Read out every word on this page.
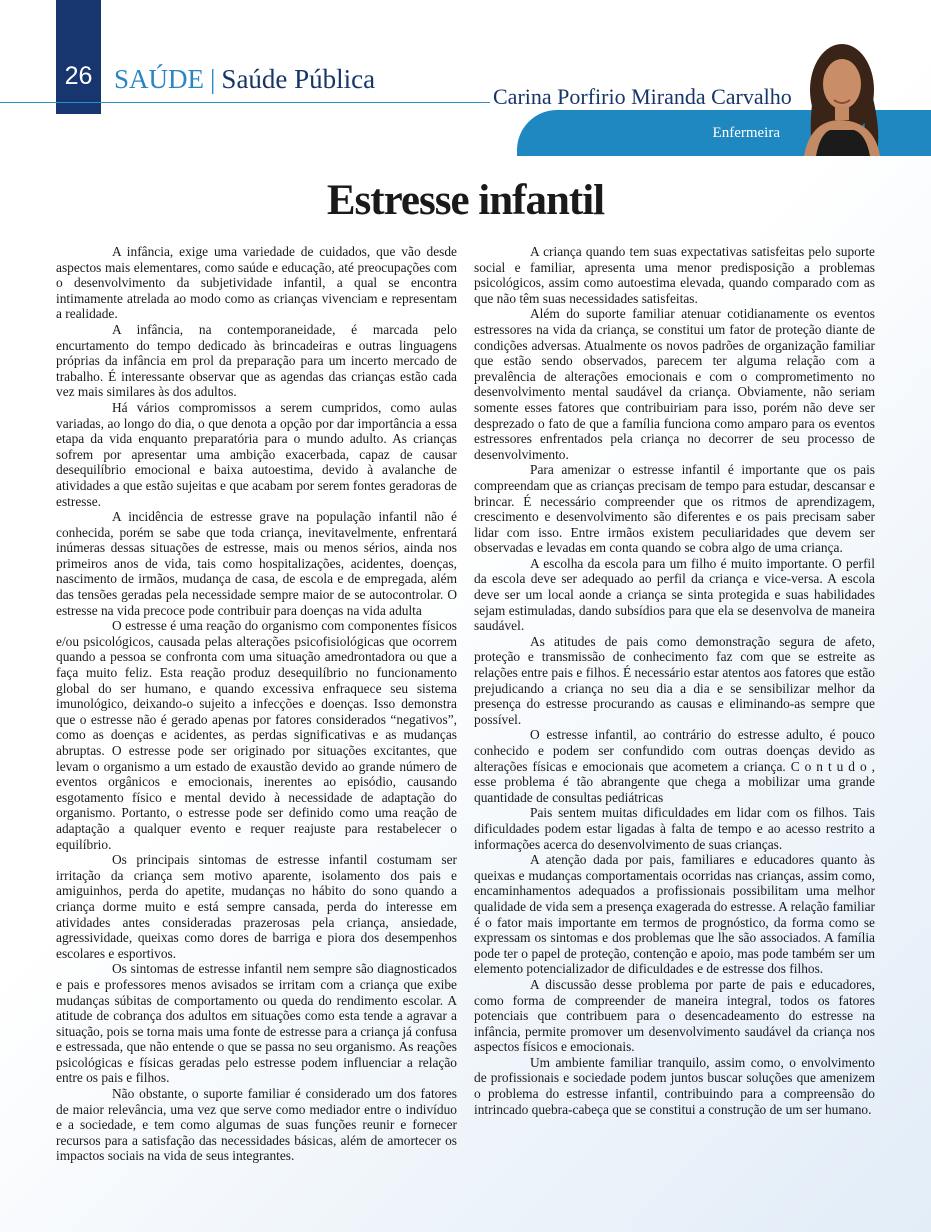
26 SAÚDE | Saúde Pública
Carina Porfirio Miranda Carvalho
Enfermeira
Estresse infantil

A infância, exige uma variedade de cuidados, que vão desde aspectos mais elementares, como saúde e educação, até preocupações com o desenvolvimento da subjetividade infantil, a qual se encontra intimamente atrelada ao modo como as crianças vivenciam e representam a realidade.

A infância, na contemporaneidade, é marcada pelo encurtamento do tempo dedicado às brincadeiras e outras linguagens próprias da infância em prol da preparação para um incerto mercado de trabalho. É interessante observar que as agendas das crianças estão cada vez mais similares às dos adultos.

Há vários compromissos a serem cumpridos, como aulas variadas, ao longo do dia, o que denota a opção por dar importância a essa etapa da vida enquanto preparatória para o mundo adulto. As crianças sofrem por apresentar uma ambição exacerbada, capaz de causar desequilíbrio emocional e baixa autoestima, devido à avalanche de atividades a que estão sujeitas e que acabam por serem fontes geradoras de estresse.

A incidência de estresse grave na população infantil não é conhecida, porém se sabe que toda criança, inevitavelmente, enfrentará inúmeras dessas situações de estresse, mais ou menos sérios, ainda nos primeiros anos de vida, tais como hospitalizações, acidentes, doenças, nascimento de irmãos, mudança de casa, de escola e de empregada, além das tensões geradas pela necessidade sempre maior de se autocontrolar. O estresse na vida precoce pode contribuir para doenças na vida adulta

O estresse é uma reação do organismo com componentes físicos e/ou psicológicos, causada pelas alterações psicofisiológicas que ocorrem quando a pessoa se confronta com uma situação amedrontadora ou que a faça muito feliz. Esta reação produz desequilíbrio no funcionamento global do ser humano, e quando excessiva enfraquece seu sistema imunológico, deixando-o sujeito a infecções e doenças. Isso demonstra que o estresse não é gerado apenas por fatores considerados “negativos”, como as doenças e acidentes, as perdas significativas e as mudanças abruptas. O estresse pode ser originado por situações excitantes, que levam o organismo a um estado de exaustão devido ao grande número de eventos orgânicos e emocionais, inerentes ao episódio, causando esgotamento físico e mental devido à necessidade de adaptação do organismo. Portanto, o estresse pode ser definido como uma reação de adaptação a qualquer evento e requer reajuste para restabelecer o equilíbrio.

Os principais sintomas de estresse infantil costumam ser irritação da criança sem motivo aparente, isolamento dos pais e amiguinhos, perda do apetite, mudanças no hábito do sono quando a criança dorme muito e está sempre cansada, perda do interesse em atividades antes consideradas prazerosas pela criança, ansiedade, agressividade, queixas como dores de barriga e piora dos desempenhos escolares e esportivos.

Os sintomas de estresse infantil nem sempre são diagnosticados e pais e professores menos avisados se irritam com a criança que exibe mudanças súbitas de comportamento ou queda do rendimento escolar. A atitude de cobrança dos adultos em situações como esta tende a agravar a situação, pois se torna mais uma fonte de estresse para a criança já confusa e estressada, que não entende o que se passa no seu organismo. As reações psicológicas e físicas geradas pelo estresse podem influenciar a relação entre os pais e filhos.

Não obstante, o suporte familiar é considerado um dos fatores de maior relevância, uma vez que serve como mediador entre o indivíduo e a sociedade, e tem como algumas de suas funções reunir e fornecer recursos para a satisfação das necessidades básicas, além de amortecer os impactos sociais na vida de seus integrantes.

A criança quando tem suas expectativas satisfeitas pelo suporte social e familiar, apresenta uma menor predisposição a problemas psicológicos, assim como autoestima elevada, quando comparado com as que não têm suas necessidades satisfeitas.

Além do suporte familiar atenuar cotidianamente os eventos estressores na vida da criança, se constitui um fator de proteção diante de condições adversas. Atualmente os novos padrões de organização familiar que estão sendo observados, parecem ter alguma relação com a prevalência de alterações emocionais e com o comprometimento no desenvolvimento mental saudável da criança. Obviamente, não seriam somente esses fatores que contribuiriam para isso, porém não deve ser desprezado o fato de que a família funciona como amparo para os eventos estressores enfrentados pela criança no decorrer de seu processo de desenvolvimento.

Para amenizar o estresse infantil é importante que os pais compreendam que as crianças precisam de tempo para estudar, descansar e brincar. É necessário compreender que os ritmos de aprendizagem, crescimento e desenvolvimento são diferentes e os pais precisam saber lidar com isso. Entre irmãos existem peculiaridades que devem ser observadas e levadas em conta quando se cobra algo de uma criança.

A escolha da escola para um filho é muito importante. O perfil da escola deve ser adequado ao perfil da criança e vice-versa. A escola deve ser um local aonde a criança se sinta protegida e suas habilidades sejam estimuladas, dando subsídios para que ela se desenvolva de maneira saudável.

As atitudes de pais como demonstração segura de afeto, proteção e transmissão de conhecimento faz com que se estreite as relações entre pais e filhos. É necessário estar atentos aos fatores que estão prejudicando a criança no seu dia a dia e se sensibilizar melhor da presença do estresse procurando as causas e eliminando-as sempre que possível.

O estresse infantil, ao contrário do estresse adulto, é pouco conhecido e podem ser confundido com outras doenças devido as alterações físicas e emocionais que acometem a criança. C o n t u d o , esse problema é tão abrangente que chega a mobilizar uma grande quantidade de consultas pediátricas

Pais sentem muitas dificuldades em lidar com os filhos. Tais dificuldades podem estar ligadas à falta de tempo e ao acesso restrito a informações acerca do desenvolvimento de suas crianças.

A atenção dada por pais, familiares e educadores quanto às queixas e mudanças comportamentais ocorridas nas crianças, assim como, encaminhamentos adequados a profissionais possibilitam uma melhor qualidade de vida sem a presença exagerada do estresse. A relação familiar é o fator mais importante em termos de prognóstico, da forma como se expressam os sintomas e dos problemas que lhe são associados. A família pode ter o papel de proteção, contenção e apoio, mas pode também ser um elemento potencializador de dificuldades e de estresse dos filhos.

A discussão desse problema por parte de pais e educadores, como forma de compreender de maneira integral, todos os fatores potenciais que contribuem para o desencadeamento do estresse na infância, permite promover um desenvolvimento saudável da criança nos aspectos físicos e emocionais.

Um ambiente familiar tranquilo, assim como, o envolvimento de profissionais e sociedade podem juntos buscar soluções que amenizem o problema do estresse infantil, contribuindo para a compreensão do intrincado quebra-cabeça que se constitui a construção de um ser humano.
